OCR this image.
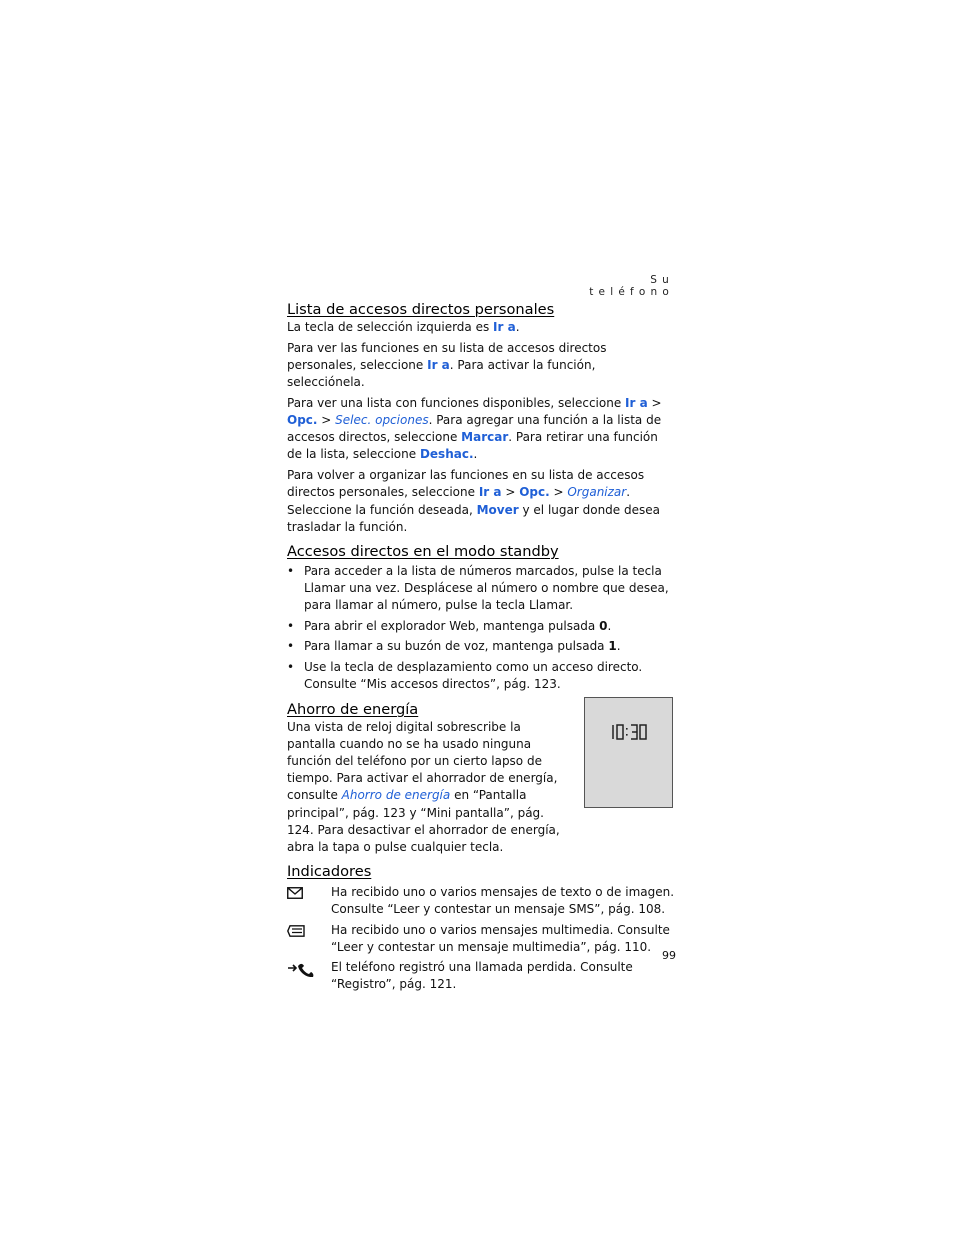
Su teléfono
Lista de accesos directos personales

La tecla de selección izquierda es Ir a.

Para ver las funciones en su lista de accesos directos personales, seleccione Ir a. Para activar la función, selecciónela.

Para ver una lista con funciones disponibles, seleccione Ir a > Opc. > Selec. opciones. Para agregar una función a la lista de accesos directos, seleccione Marcar. Para retirar una función de la lista, seleccione Deshac..

Para volver a organizar las funciones en su lista de accesos directos personales, seleccione Ir a > Opc. > Organizar. Seleccione la función deseada, Mover y el lugar donde desea trasladar la función.

Accesos directos en el modo standby
• Para acceder a la lista de números marcados, pulse la tecla Llamar una vez. Desplácese al número o nombre que desea, para llamar al número, pulse la tecla Llamar.
• Para abrir el explorador Web, mantenga pulsada 0.
• Para llamar a su buzón de voz, mantenga pulsada 1.
• Use la tecla de desplazamiento como un acceso directo. Consulte “Mis accesos directos”, pág. 123.
Ahorro de energía

Una vista de reloj digital sobrescribe la pantalla cuando no se ha usado ninguna función del teléfono por un cierto lapso de tiempo. Para activar el ahorrador de energía, consulte Ahorro de energía en “Pantalla principal”, pág. 123 y “Mini pantalla”, pág. 124. Para desactivar el ahorrador de energía, abra la tapa o pulse cualquier tecla.

Indicadores
Ha recibido uno o varios mensajes de texto o de imagen. Consulte “Leer y contestar un mensaje SMS”, pág. 108.
Ha recibido uno o varios mensajes multimedia. Consulte “Leer y contestar un mensaje multimedia”, pág. 110.
El teléfono registró una llamada perdida. Consulte “Registro”, pág. 121.
99
